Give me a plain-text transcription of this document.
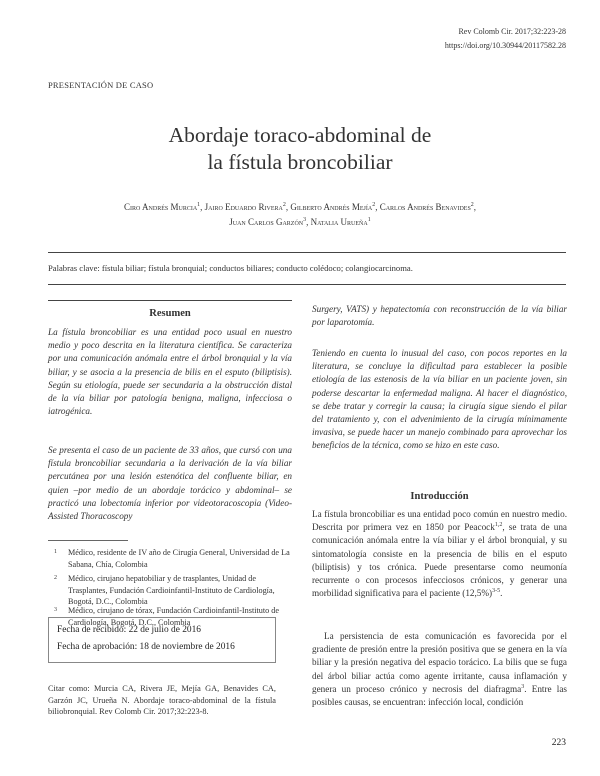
Rev Colomb Cir. 2017;32:223-28
https://doi.org/10.30944/20117582.28
PRESENTACIÓN DE CASO
Abordaje toraco-abdominal de
la fístula broncobiliar
Ciro Andrés Murcia$^1$, Jairo Eduardo Rivera$^2$, Gilberto Andrés Mejía$^2$, Carlos Andrés Benavides$^2$,
Juan Carlos Garzón$^3$, Natalia Urueña$^1$
Palabras clave: fístula biliar; fístula bronquial; conductos biliares; conducto colédoco; colangiocarcinoma.
Resumen
La fístula broncobiliar es una entidad poco usual en nuestro medio y poco descrita en la literatura científica. Se caracteriza por una comunicación anómala entre el árbol bronquial y la vía biliar, y se asocia a la presencia de bilis en el esputo (biliptisis). Según su etiología, puede ser secundaria a la obstrucción distal de la vía biliar por patología benigna, maligna, infecciosa o iatrogénica.
Se presenta el caso de un paciente de 33 años, que cursó con una fístula broncobiliar secundaria a la derivación de la vía biliar percutánea por una lesión estenótica del confluente biliar, en quien –por medio de un abordaje torácico y abdominal– se practicó una lobectomía inferior por videotoracoscopia (Video-Assisted Thoracoscopy
1 Médico, residente de IV año de Cirugía General, Universidad de La Sabana, Chía, Colombia
2 Médico, cirujano hepatobiliar y de trasplantes, Unidad de Trasplantes, Fundación Cardioinfantil-Instituto de Cardiología, Bogotá, D.C., Colombia
3 Médico, cirujano de tórax, Fundación Cardioinfantil-Instituto de Cardiología, Bogotá, D.C., Colombia
Fecha de recibido: 22 de julio de 2016
Fecha de aprobación: 18 de noviembre de 2016
Citar como: Murcia CA, Rivera JE, Mejía GA, Benavides CA, Garzón JC, Urueña N. Abordaje toraco-abdominal de la fístula biliobronquial. Rev Colomb Cir. 2017;32:223-8.
Surgery, VATS) y hepatectomía con reconstrucción de la vía biliar por laparotomía.
Teniendo en cuenta lo inusual del caso, con pocos reportes en la literatura, se concluye la dificultad para establecer la posible etiología de las estenosis de la vía biliar en un paciente joven, sin poderse descartar la enfermedad maligna. Al hacer el diagnóstico, se debe tratar y corregir la causa; la cirugía sigue siendo el pilar del tratamiento y, con el advenimiento de la cirugía mínimamente invasiva, se puede hacer un manejo combinado para aprovechar los beneficios de la técnica, como se hizo en este caso.
Introducción
La fístula broncobiliar es una entidad poco común en nuestro medio. Descrita por primera vez en 1850 por Peacock$^{1,2}$, se trata de una comunicación anómala entre la vía biliar y el árbol bronquial, y su sintomatología consiste en la presencia de bilis en el esputo (biliptisis) y tos crónica. Puede presentarse como neumonía recurrente o con procesos infecciosos crónicos, y generar una morbilidad significativa para el paciente $(12,5\%)^{3-5}$.
La persistencia de esta comunicación es favorecida por el gradiente de presión entre la presión positiva que se genera en la vía biliar y la presión negativa del espacio torácico. La bilis que se fuga del árbol biliar actúa como agente irritante, causa inflamación y genera un proceso crónico y necrosis del diafragma$^3$. Entre las posibles causas, se encuentran: infección local, condición
223
